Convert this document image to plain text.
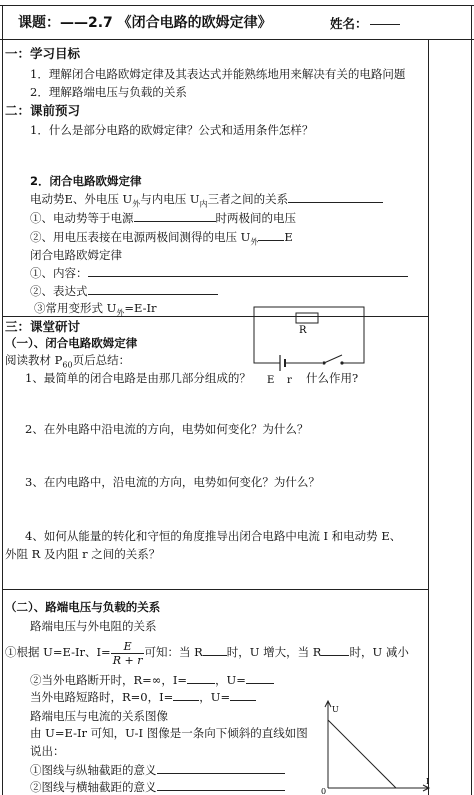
课题： ——2.7 《闭合电路的欧姆定律》	姓名：
一：学习目标
1．理解闭合电路欧姆定律及其表达式并能熟练地用来解决有关的电路问题
2．理解路端电压与负载的关系
二：课前预习
1．什么是部分电路的欧姆定律？公式和适用条件怎样？
2．闭合电路欧姆定律
电动势E、外电压 $U_外$与内电压 $U_内$三者之间的关系
①、电动势等于电源	时两极间的电压
②、用电压表接在电源两极间测得的电压 $U_外$ E
闭合电路欧姆定律
①、内容：
②、表达式
③常用变形式 $U_外=E-Ir$
三：课堂研讨
（一）、闭合电路欧姆定律
阅读教材 $P_{60}$页后总结：
R
E r
1、最简单的闭合电路是由那几部分组成的？	什么作用?
2、在外电路中沿电流的方向，电势如何变化？为什么？
3、在内电路中，沿电流的方向，电势如何变化？为什么？
4、如何从能量的转化和守恒的角度推导出闭合电路中电流 I 和电动势 E、
外阻 R 及内阻 r 之间的关系？
（二）、路端电压与负载的关系
路端电压与外电阻的关系
①根据 U=E-Ir、$I= \frac{E}{R + r}$ 可知：当 R 时，U 增大，当 R 时，U 减小
②当外电路断开时，R=∞，I= ，U=
当外电路短路时，R=0，I= ，U=
路端电压与电流的关系图像
由 U=E-Ir 可知，U-I 图像是一条向下倾斜的直线如图
说出：
①图线与纵轴截距的意义
②图线与横轴截距的意义
U
0
I
